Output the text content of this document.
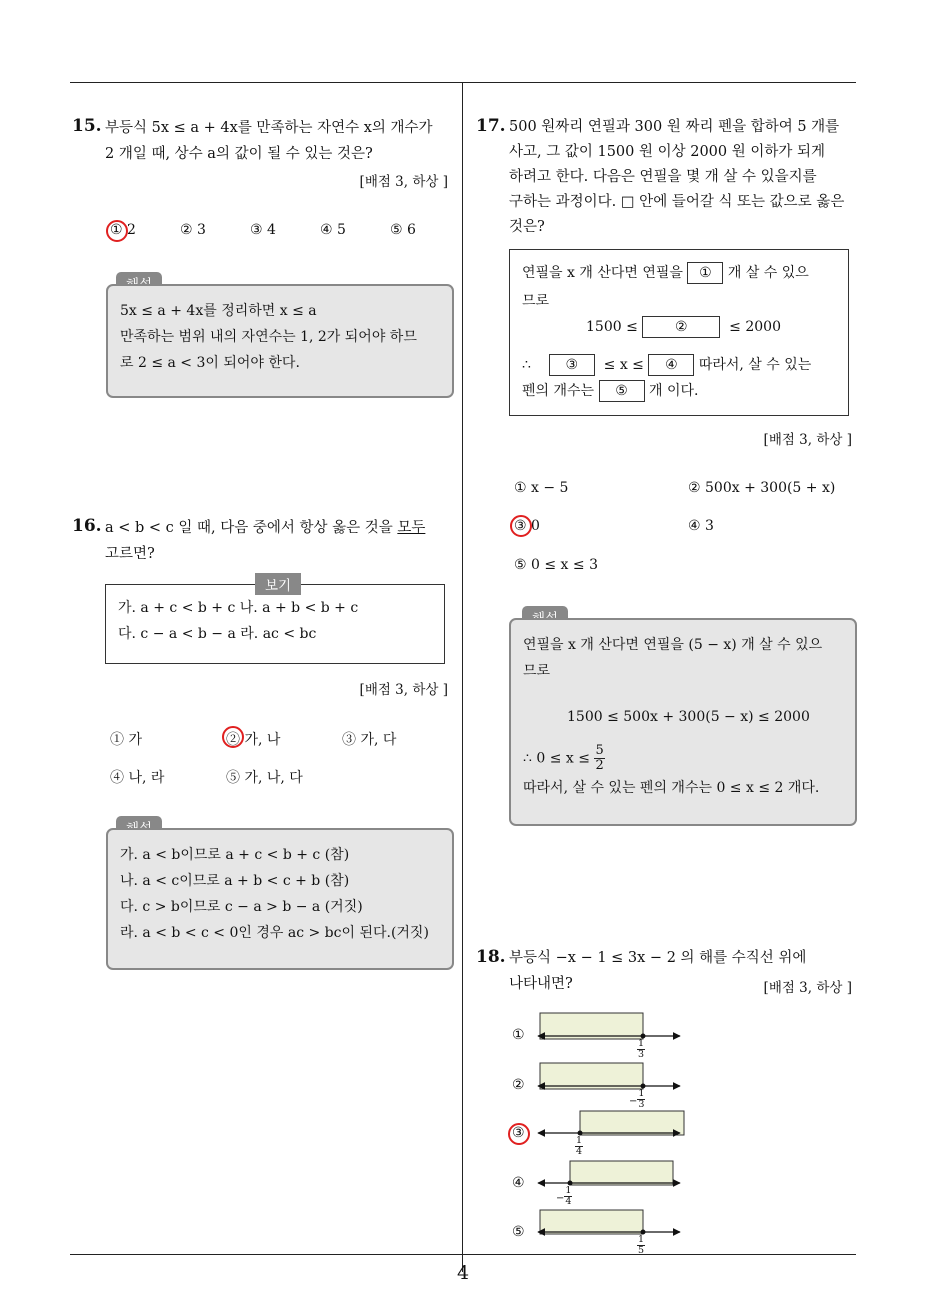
4
15. 부등식 5x ≤ a + 4x를 만족하는 자연수 x의 개수가
2 개일 때, 상수 a의 값이 될 수 있는 것은?
[배점 3, 하상 ]
① 2	② 3	③ 4	④ 5	⑤ 6
5x ≤ a + 4x를 정리하면 x ≤ a
만족하는 범위 내의 자연수는 1, 2가 되어야 하므
로 2 ≤ a < 3이 되어야 한다.
16. a < b < c 일 때, 다음 중에서 항상 옳은 것을 모두
고르면?
가. a + c < b + c 나. a + b < b + c
다. c − a < b − a 라. ac < bc
보기
[배점 3, 하상 ]
① 가	② 가, 나	③ 가, 다
④ 나, 라	⑤ 가, 나, 다
가. a < b이므로 a + c < b + c (참)
나. a < c이므로 a + b < c + b (참)
다. c > b이므로 c − a > b − a (거짓)
라. a < b < c < 0인 경우 ac > bc이 된다.(거짓)
17. 500 원짜리 연필과 300 원 짜리 펜을 합하여 5 개를
사고, 그 값이 1500 원 이상 2000 원 이하가 되게
하려고 한다. 다음은 연필을 몇 개 살 수 있을지를
구하는 과정이다. □ 안에 들어갈 식 또는 값으로 옳은
것은?
연필을 x 개 산다면 연필을 ① 개 살 수 있으
므로
1500 ≤	②	≤ 2000
∴ ③ ≤ x ≤ ④ 따라서, 살 수 있는
펜의 개수는 ⑤ 개 이다.
[배점 3, 하상 ]
① x − 5	② 500x + 300(5 + x)
③ 0	④ 3
⑤ 0 ≤ x ≤ 3
연필을 x 개 산다면 연필을 (5 − x) 개 살 수 있으
므로
1500 ≤ 500x + 300(5 − x) ≤ 2000
∴ $0 \le x \le \frac{5}{2}$
따라서, 살 수 있는 펜의 개수는 0 ≤ x ≤ 2 개다.
18. 부등식 −x − 1 ≤ 3x − 2 의 해를 수직선 위에
나타내면?	[배점 3, 하상 ]
①
②
③
④
⑤
$\frac{1}{3}$
− $\frac{1}{3}$
$\frac{1}{4}$
− $\frac{1}{4}$
$\frac{1}{5}$
